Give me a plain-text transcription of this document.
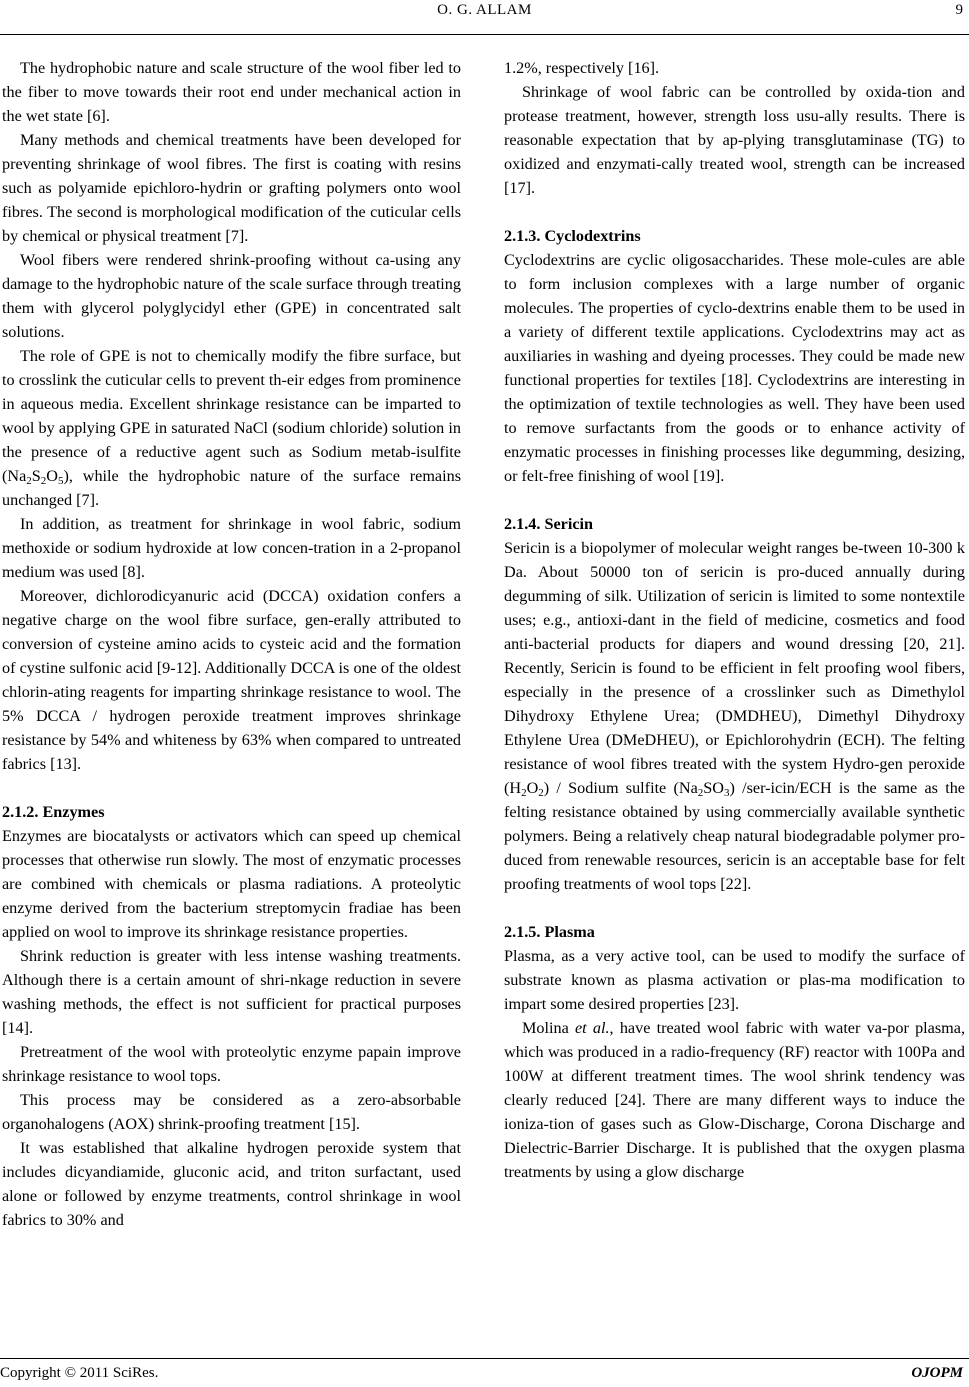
O. G. ALLAM	9

The hydrophobic nature and scale structure of the wool fiber led to the fiber to move towards their root end under mechanical action in the wet state [6].

Many methods and chemical treatments have been developed for preventing shrinkage of wool fibres. The first is coating with resins such as polyamide epichloro-hydrin or grafting polymers onto wool fibres. The second is morphological modification of the cuticular cells by chemical or physical treatment [7].

Wool fibers were rendered shrink-proofing without ca-using any damage to the hydrophobic nature of the scale surface through treating them with glycerol polyglycidyl ether (GPE) in concentrated salt solutions.

The role of GPE is not to chemically modify the fibre surface, but to crosslink the cuticular cells to prevent th-eir edges from prominence in aqueous media. Excellent shrinkage resistance can be imparted to wool by applying GPE in saturated NaCl (sodium chloride) solution in the presence of a reductive agent such as Sodium metab-isulfite $(Na_2S_2O_5)$, while the hydrophobic nature of the surface remains unchanged [7].

In addition, as treatment for shrinkage in wool fabric, sodium methoxide or sodium hydroxide at low concen-tration in a 2-propanol medium was used [8].

Moreover, dichlorodicyanuric acid (DCCA) oxidation confers a negative charge on the wool fibre surface, gen-erally attributed to conversion of cysteine amino acids to cysteic acid and the formation of cystine sulfonic acid [9-12]. Additionally DCCA is one of the oldest chlorin-ating reagents for imparting shrinkage resistance to wool. The 5% DCCA / hydrogen peroxide treatment improves shrinkage resistance by 54% and whiteness by 63% when compared to untreated fabrics [13].

2.1.2. Enzymes

Enzymes are biocatalysts or activators which can speed up chemical processes that otherwise run slowly. The most of enzymatic processes are combined with chemicals or plasma radiations. A proteolytic enzyme derived from the bacterium streptomycin fradiae has been applied on wool to improve its shrinkage resistance properties.

Shrink reduction is greater with less intense washing treatments. Although there is a certain amount of shri-nkage reduction in severe washing methods, the effect is not sufficient for practical purposes [14].

Pretreatment of the wool with proteolytic enzyme papain improve shrinkage resistance to wool tops.

This process may be considered as a zero-absorbable organohalogens (AOX) shrink-proofing treatment [15].

It was established that alkaline hydrogen peroxide system that includes dicyandiamide, gluconic acid, and triton surfactant, used alone or followed by enzyme treatments, control shrinkage in wool fabrics to 30% and

1.2%, respectively [16].

Shrinkage of wool fabric can be controlled by oxida-tion and protease treatment, however, strength loss usu-ally results. There is reasonable expectation that by ap-plying transglutaminase (TG) to oxidized and enzymati-cally treated wool, strength can be increased [17].

2.1.3. Cyclodextrins

Cyclodextrins are cyclic oligosaccharides. These mole-cules are able to form inclusion complexes with a large number of organic molecules. The properties of cyclo-dextrins enable them to be used in a variety of different textile applications. Cyclodextrins may act as auxiliaries in washing and dyeing processes. They could be made new functional properties for textiles [18]. Cyclodextrins are interesting in the optimization of textile technologies as well. They have been used to remove surfactants from the goods or to enhance activity of enzymatic processes in finishing processes like degumming, desizing, or felt-free finishing of wool [19].

2.1.4. Sericin

Sericin is a biopolymer of molecular weight ranges be-tween 10-300 k Da. About 50000 ton of sericin is pro-duced annually during degumming of silk. Utilization of sericin is limited to some nontextile uses; e.g., antioxi-dant in the field of medicine, cosmetics and food anti-bacterial products for diapers and wound dressing [20, 21]. Recently, Sericin is found to be efficient in felt proofing wool fibers, especially in the presence of a crosslinker such as Dimethylol Dihydroxy Ethylene Urea; (DMDHEU), Dimethyl Dihydroxy Ethylene Urea (DMeDHEU), or Epichlorohydrin (ECH). The felting resistance of wool fibres treated with the system Hydro-gen peroxide $(H_2O_2)$ / Sodium sulfite $(Na_2SO_3)$ /ser-icin/ECH is the same as the felting resistance obtained by using commercially available synthetic polymers. Being a relatively cheap natural biodegradable polymer pro-duced from renewable resources, sericin is an acceptable base for felt proofing treatments of wool tops [22].

2.1.5. Plasma

Plasma, as a very active tool, can be used to modify the surface of substrate known as plasma activation or plas-ma modification to impart some desired properties [23].

Molina et al., have treated wool fabric with water va-por plasma, which was produced in a radio-frequency (RF) reactor with 100Pa and 100W at different treatment times. The wool shrink tendency was clearly reduced [24]. There are many different ways to induce the ioniza-tion of gases such as Glow-Discharge, Corona Discharge and Dielectric-Barrier Discharge. It is published that the oxygen plasma treatments by using a glow discharge

Copyright © 2011 SciRes.	OJOPM
